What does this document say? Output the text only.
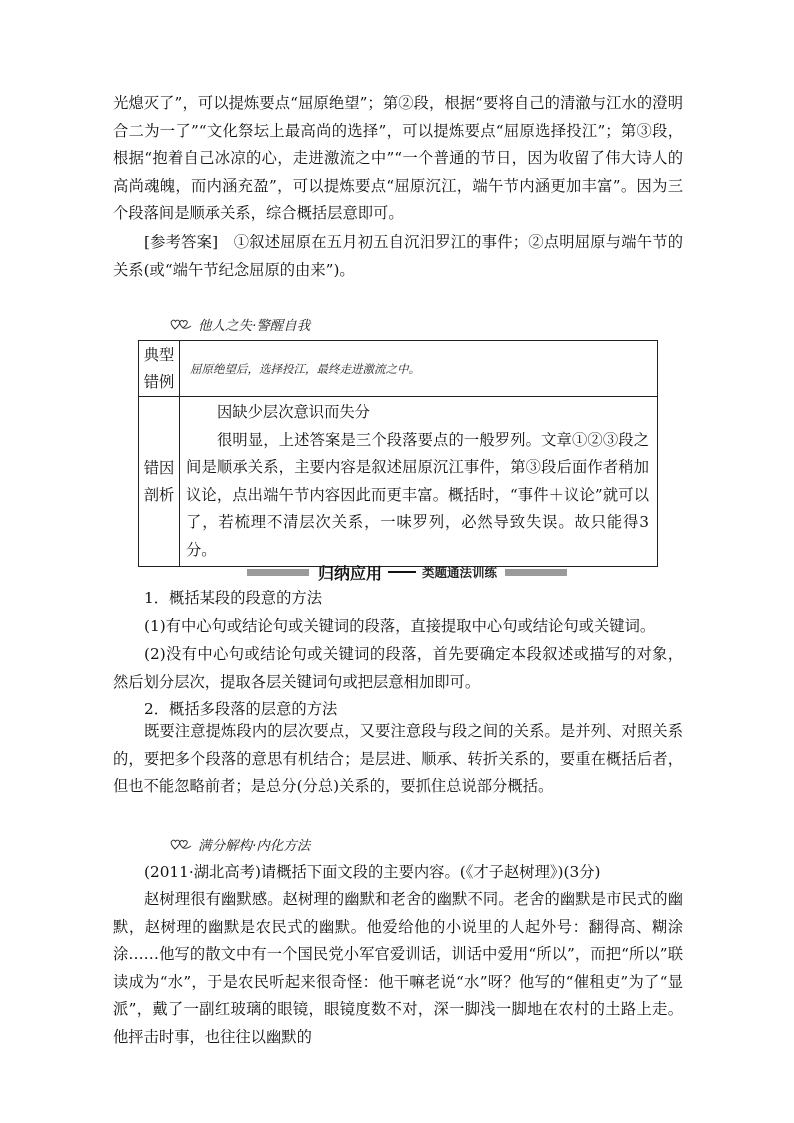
光熄灭了”，可以提炼要点“屈原绝望”；第②段，根据“要将自己的清澈与江水的澄明合二为一了”“文化祭坛上最高尚的选择”，可以提炼要点“屈原选择投江”；第③段，根据“抱着自己冰凉的心，走进激流之中”“一个普通的节日，因为收留了伟大诗人的高尚魂魄，而内涵充盈”，可以提炼要点“屈原沉江，端午节内涵更加丰富”。因为三个段落间是顺承关系，综合概括层意即可。

[参考答案]　①叙述屈原在五月初五自沉汨罗江的事件；②点明屈原与端午节的关系(或“端午节纪念屈原的由来”)。

他人之失·警醒自我
典型错例	屈原绝望后，选择投江，最终走进激流之中。
错因剖析	因缺少层次意识而失分

很明显，上述答案是三个段落要点的一般罗列。文章①②③段之间是顺承关系，主要内容是叙述屈原沉江事件，第③段后面作者稍加议论，点出端午节内容因此而更丰富。概括时，“事件＋议论”就可以了，若梳理不清层次关系，一味罗列，必然导致失误。故只能得3分。

归纳应用	类题通法训练

1．概括某段的段意的方法

(1)有中心句或结论句或关键词的段落，直接提取中心句或结论句或关键词。

(2)没有中心句或结论句或关键词的段落，首先要确定本段叙述或描写的对象，然后划分层次，提取各层关键词句或把层意相加即可。

2．概括多段落的层意的方法

既要注意提炼段内的层次要点，又要注意段与段之间的关系。是并列、对照关系的，要把多个段落的意思有机结合；是层进、顺承、转折关系的，要重在概括后者，但也不能忽略前者；是总分(分总)关系的，要抓住总说部分概括。

满分解构·内化方法

(2011·湖北高考)请概括下面文段的主要内容。(《才子赵树理》)(3分)

赵树理很有幽默感。赵树理的幽默和老舍的幽默不同。老舍的幽默是市民式的幽默，赵树理的幽默是农民式的幽默。他爱给他的小说里的人起外号：翻得高、糊涂涂……他写的散文中有一个国民党小军官爱训话，训话中爱用“所以”，而把“所以”联读成为“水”，于是农民听起来很奇怪：他干嘛老说“水”呀？他写的“催租吏”为了“显派”，戴了一副红玻璃的眼镜，眼镜度数不对，深一脚浅一脚地在农村的土路上走。他抨击时事，也往往以幽默的
